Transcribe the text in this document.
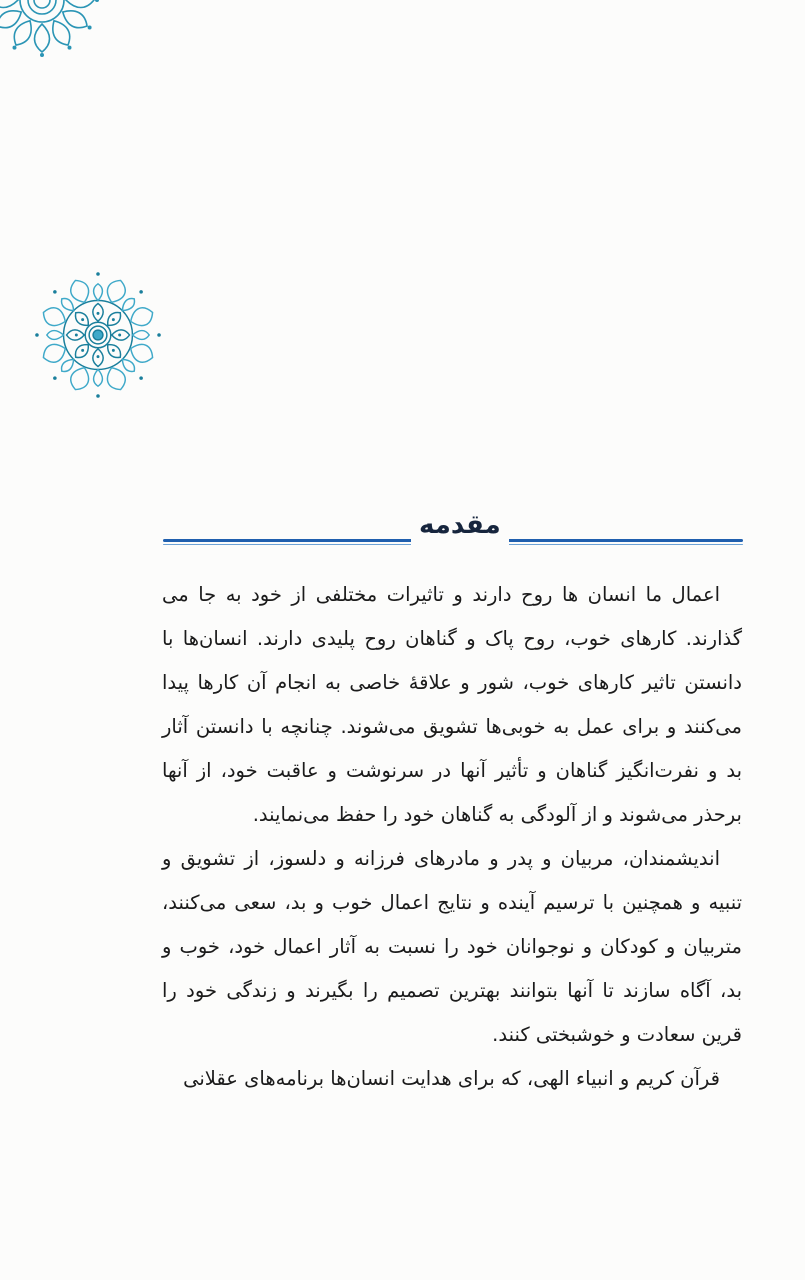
مقدمه

اعمال ما انسان ها روح دارند و تاثیرات مختلفی از خود به جا می گذارند. کارهای خوب، روح پاک و گناهان روح پلیدی دارند. انسان‌ها با دانستن تاثیر کارهای خوب، شور و علاقۀ خاصی به انجام آن کارها پیدا می‌کنند و برای عمل به خوبی‌ها تشویق می‌شوند. چنانچه با دانستن آثار بد و نفرت‌انگیز گناهان و تأثیر آنها در سرنوشت و عاقبت خود، از آنها برحذر می‌شوند و از آلودگی به گناهان خود را حفظ می‌نمایند.

اندیشمندان، مربیان و پدر و مادرهای فرزانه و دلسوز، از تشویق و تنبیه و همچنین با ترسیم آینده و نتایج اعمال خوب و بد، سعی می‌کنند، متربیان و کودکان و نوجوانان خود را نسبت به آثار اعمال خود، خوب و بد، آگاه سازند تا آنها بتوانند بهترین تصمیم را بگیرند و زندگی خود را قرین سعادت و خوشبختی کنند.

قرآن کریم و انبیاء الهی، که برای هدایت انسان‌ها برنامه‌های عقلانی
